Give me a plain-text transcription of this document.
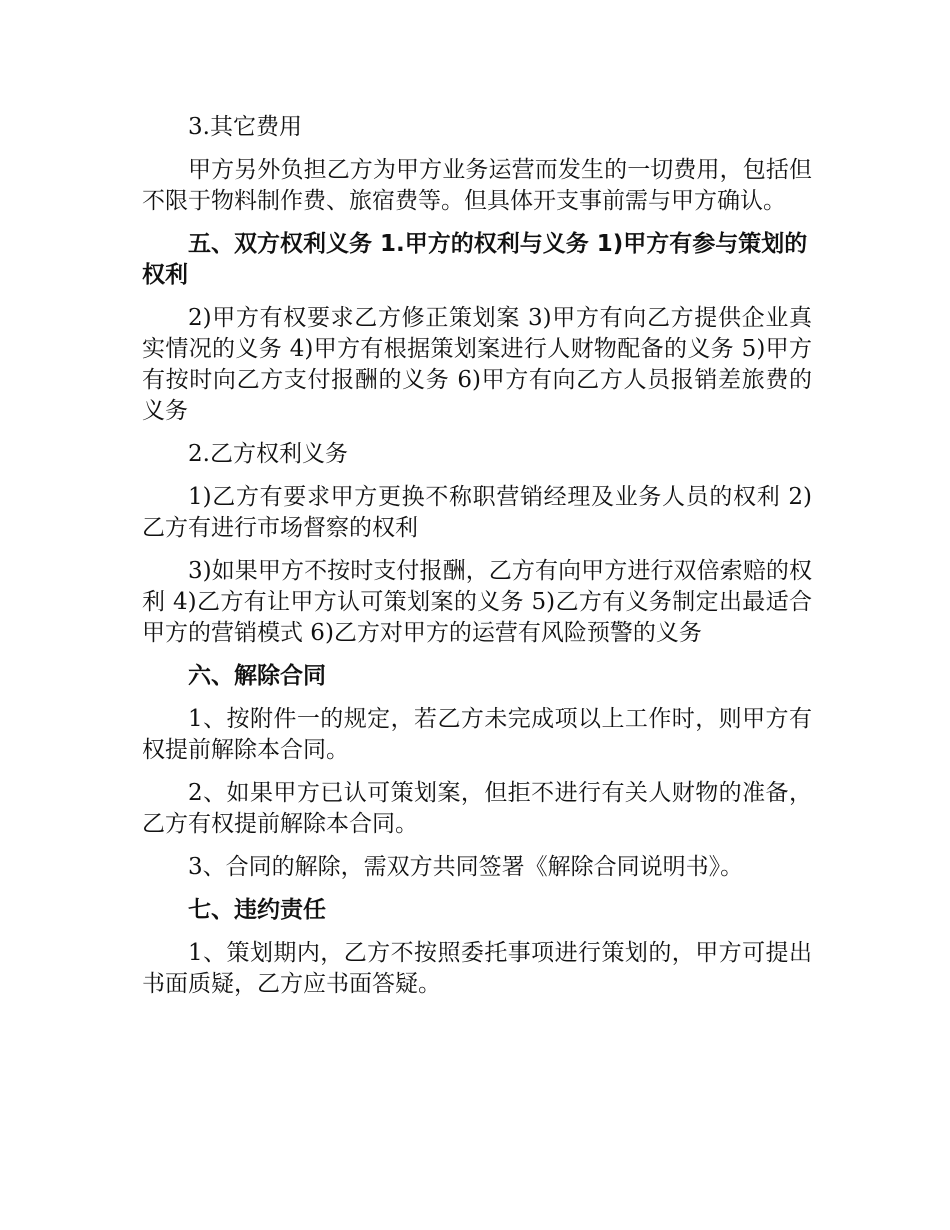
3.其它费用

甲方另外负担乙方为甲方业务运营而发生的一切费用，包括但不限于物料制作费、旅宿费等。但具体开支事前需与甲方确认。

五、双方权利义务 1.甲方的权利与义务 1)甲方有参与策划的权利

2)甲方有权要求乙方修正策划案 3)甲方有向乙方提供企业真实情况的义务 4)甲方有根据策划案进行人财物配备的义务 5)甲方有按时向乙方支付报酬的义务 6)甲方有向乙方人员报销差旅费的义务

2.乙方权利义务

1)乙方有要求甲方更换不称职营销经理及业务人员的权利 2)乙方有进行市场督察的权利

3)如果甲方不按时支付报酬，乙方有向甲方进行双倍索赔的权利 4)乙方有让甲方认可策划案的义务 5)乙方有义务制定出最适合甲方的营销模式 6)乙方对甲方的运营有风险预警的义务

六、解除合同

1、按附件一的规定，若乙方未完成项以上工作时，则甲方有权提前解除本合同。

2、如果甲方已认可策划案，但拒不进行有关人财物的准备，乙方有权提前解除本合同。

3、合同的解除，需双方共同签署《解除合同说明书》。

七、违约责任

1、策划期内，乙方不按照委托事项进行策划的，甲方可提出书面质疑，乙方应书面答疑。
